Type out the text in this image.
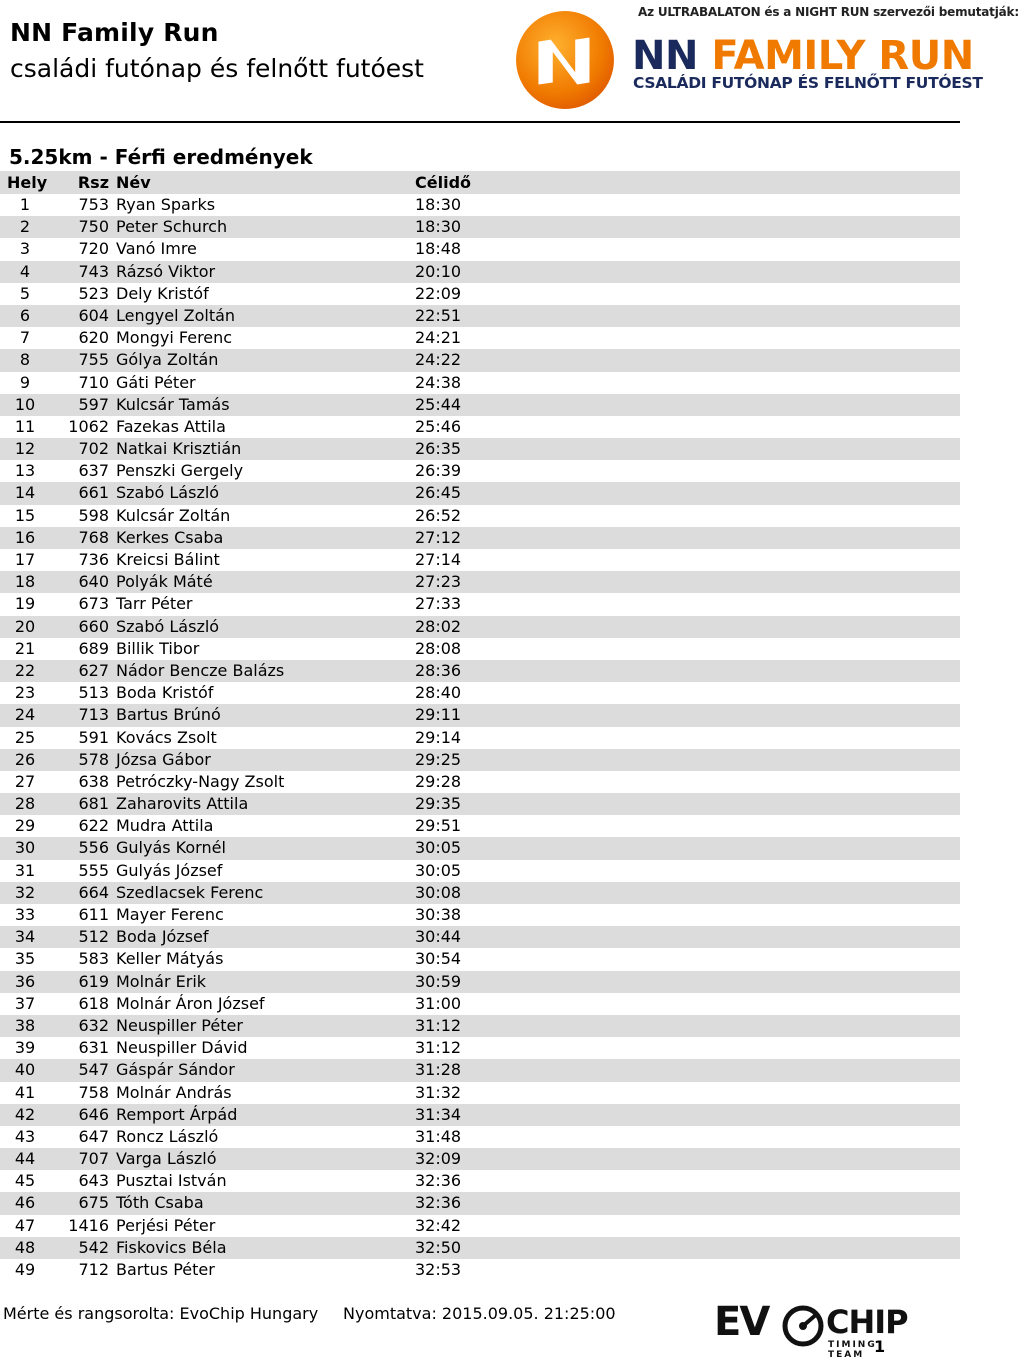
NN Family Run
családi futónap és felnőtt futóest
Az ULTRABALATON és a NIGHT RUN szervezői bemutatják:
NN FAMILY RUN
CSALÁDI FUTÓNAP ÉS FELNŐTT FUTÓEST
5.25km - Férfi eredmények
Hely	Rsz Név	Célidő
1	753 Ryan Sparks	18:30
2	750 Peter Schurch	18:30
3	720 Vanó Imre	18:48
4	743 Rázsó Viktor	20:10
5	523 Dely Kristóf	22:09
6	604 Lengyel Zoltán	22:51
7	620 Mongyi Ferenc	24:21
8	755 Gólya Zoltán	24:22
9	710 Gáti Péter	24:38
10	597 Kulcsár Tamás	25:44
11	1062 Fazekas Attila	25:46
12	702 Natkai Krisztián	26:35
13	637 Penszki Gergely	26:39
14	661 Szabó László	26:45
15	598 Kulcsár Zoltán	26:52
16	768 Kerkes Csaba	27:12
17	736 Kreicsi Bálint	27:14
18	640 Polyák Máté	27:23
19	673 Tarr Péter	27:33
20	660 Szabó László	28:02
21	689 Billik Tibor	28:08
22	627 Nádor Bencze Balázs	28:36
23	513 Boda Kristóf	28:40
24	713 Bartus Brúnó	29:11
25	591 Kovács Zsolt	29:14
26	578 Józsa Gábor	29:25
27	638 Petróczky-Nagy Zsolt	29:28
28	681 Zaharovits Attila	29:35
29	622 Mudra Attila	29:51
30	556 Gulyás Kornél	30:05
31	555 Gulyás József	30:05
32	664 Szedlacsek Ferenc	30:08
33	611 Mayer Ferenc	30:38
34	512 Boda József	30:44
35	583 Keller Mátyás	30:54
36	619 Molnár Erik	30:59
37	618 Molnár Áron József	31:00
38	632 Neuspiller Péter	31:12
39	631 Neuspiller Dávid	31:12
40	547 Gáspár Sándor	31:28
41	758 Molnár András	31:32
42	646 Remport Árpád	31:34
43	647 Roncz László	31:48
44	707 Varga László	32:09
45	643 Pusztai István	32:36
46	675 Tóth Csaba	32:36
47	1416 Perjési Péter	32:42
48	542 Fiskovics Béla	32:50
49	712 Bartus Péter	32:53
Mérte és rangsorolta: EvoChip Hungary Nyomtatva: 2015.09.05. 21:25:00 EV CHIP
TIMING TEAM 1
